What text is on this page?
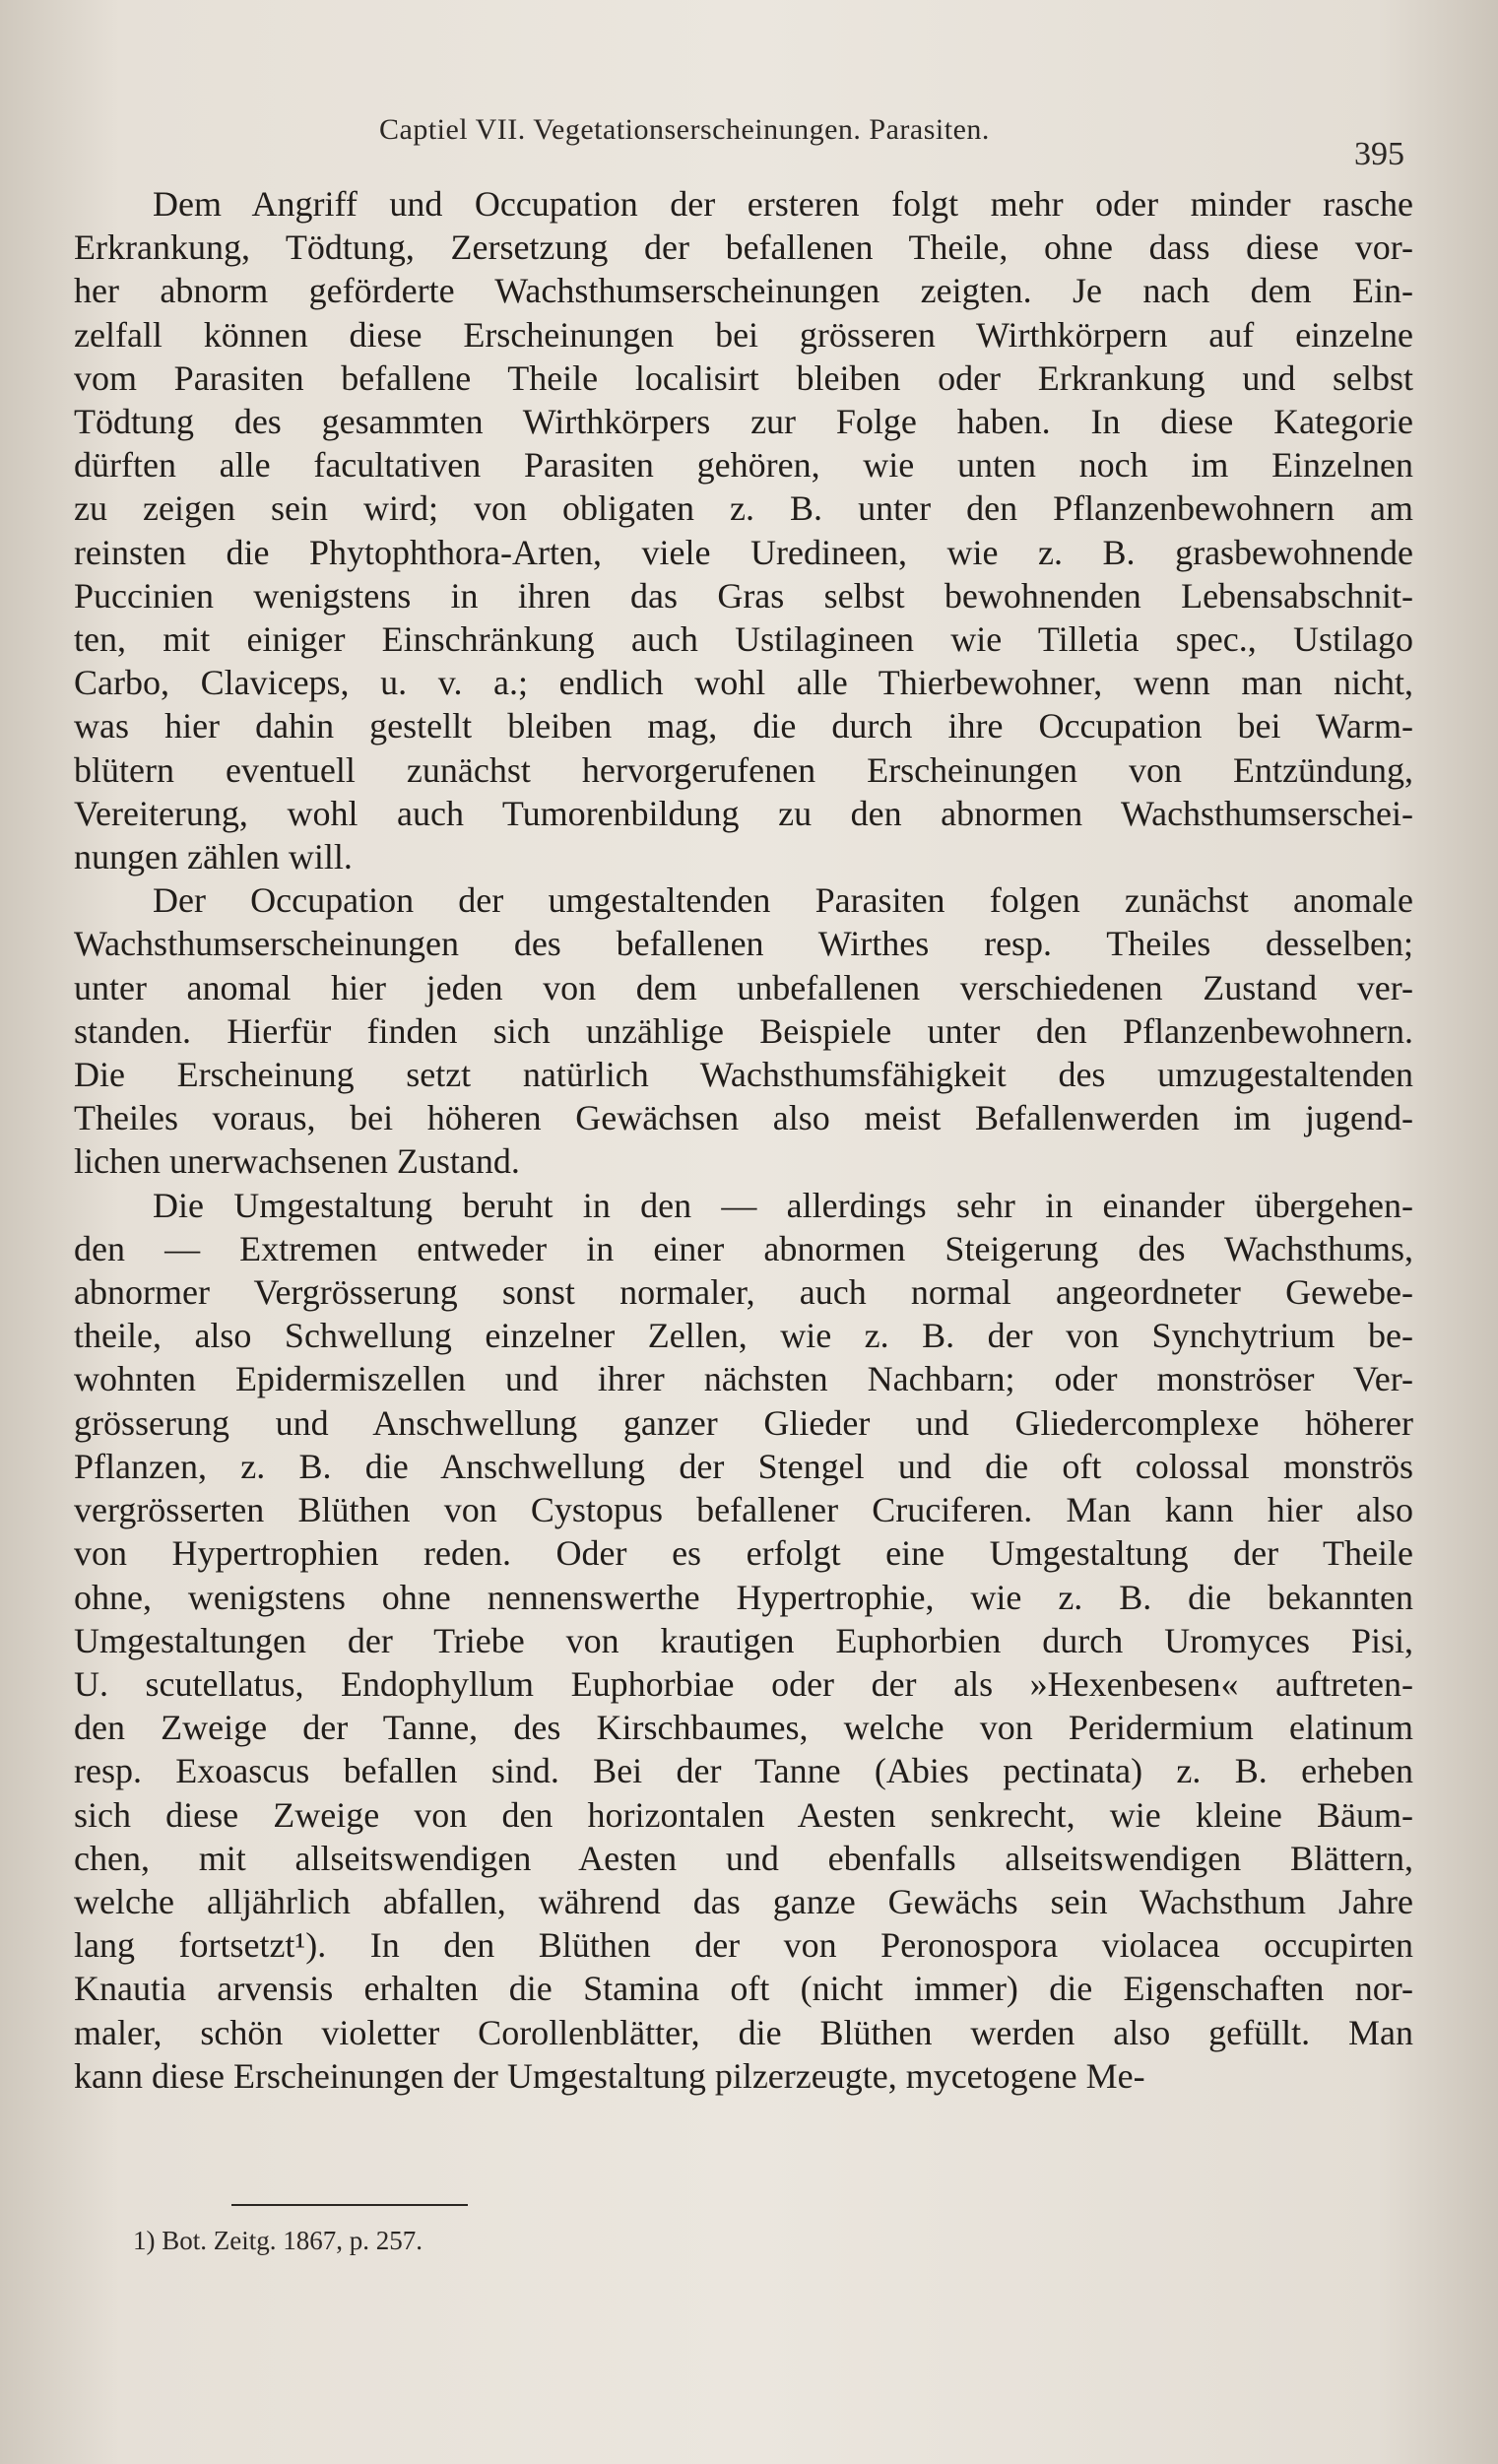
Captiel VII. Vegetationserscheinungen. Parasiten.
395
Dem Angriff und Occupation der ersteren folgt mehr oder minder rasche
Erkrankung, Tödtung, Zersetzung der befallenen Theile, ohne dass diese vor-
her abnorm geförderte Wachsthumserscheinungen zeigten. Je nach dem Ein-
zelfall können diese Erscheinungen bei grösseren Wirthkörpern auf einzelne
vom Parasiten befallene Theile localisirt bleiben oder Erkrankung und selbst
Tödtung des gesammten Wirthkörpers zur Folge haben. In diese Kategorie
dürften alle facultativen Parasiten gehören, wie unten noch im Einzelnen
zu zeigen sein wird; von obligaten z. B. unter den Pflanzenbewohnern am
reinsten die Phytophthora-Arten, viele Uredineen, wie z. B. grasbewohnende
Puccinien wenigstens in ihren das Gras selbst bewohnenden Lebensabschnit-
ten, mit einiger Einschränkung auch Ustilagineen wie Tilletia spec., Ustilago
Carbo, Claviceps, u. v. a.; endlich wohl alle Thierbewohner, wenn man nicht,
was hier dahin gestellt bleiben mag, die durch ihre Occupation bei Warm-
blütern eventuell zunächst hervorgerufenen Erscheinungen von Entzündung,
Vereiterung, wohl auch Tumorenbildung zu den abnormen Wachsthumserschei-
nungen zählen will.
Der Occupation der umgestaltenden Parasiten folgen zunächst anomale
Wachsthumserscheinungen des befallenen Wirthes resp. Theiles desselben;
unter anomal hier jeden von dem unbefallenen verschiedenen Zustand ver-
standen. Hierfür finden sich unzählige Beispiele unter den Pflanzenbewohnern.
Die Erscheinung setzt natürlich Wachsthumsfähigkeit des umzugestaltenden
Theiles voraus, bei höheren Gewächsen also meist Befallenwerden im jugend-
lichen unerwachsenen Zustand.
Die Umgestaltung beruht in den — allerdings sehr in einander übergehen-
den — Extremen entweder in einer abnormen Steigerung des Wachsthums,
abnormer Vergrösserung sonst normaler, auch normal angeordneter Gewebe-
theile, also Schwellung einzelner Zellen, wie z. B. der von Synchytrium be-
wohnten Epidermiszellen und ihrer nächsten Nachbarn; oder monströser Ver-
grösserung und Anschwellung ganzer Glieder und Gliedercomplexe höherer
Pflanzen, z. B. die Anschwellung der Stengel und die oft colossal monströs
vergrösserten Blüthen von Cystopus befallener Cruciferen. Man kann hier also
von Hypertrophien reden. Oder es erfolgt eine Umgestaltung der Theile
ohne, wenigstens ohne nennenswerthe Hypertrophie, wie z. B. die bekannten
Umgestaltungen der Triebe von krautigen Euphorbien durch Uromyces Pisi,
U. scutellatus, Endophyllum Euphorbiae oder der als »Hexenbesen« auftreten-
den Zweige der Tanne, des Kirschbaumes, welche von Peridermium elatinum
resp. Exoascus befallen sind. Bei der Tanne (Abies pectinata) z. B. erheben
sich diese Zweige von den horizontalen Aesten senkrecht, wie kleine Bäum-
chen, mit allseitswendigen Aesten und ebenfalls allseitswendigen Blättern,
welche alljährlich abfallen, während das ganze Gewächs sein Wachsthum Jahre
lang fortsetzt¹). In den Blüthen der von Peronospora violacea occupirten
Knautia arvensis erhalten die Stamina oft (nicht immer) die Eigenschaften nor-
maler, schön violetter Corollenblätter, die Blüthen werden also gefüllt. Man
kann diese Erscheinungen der Umgestaltung pilzerzeugte, mycetogene Me-
1) Bot. Zeitg. 1867, p. 257.
